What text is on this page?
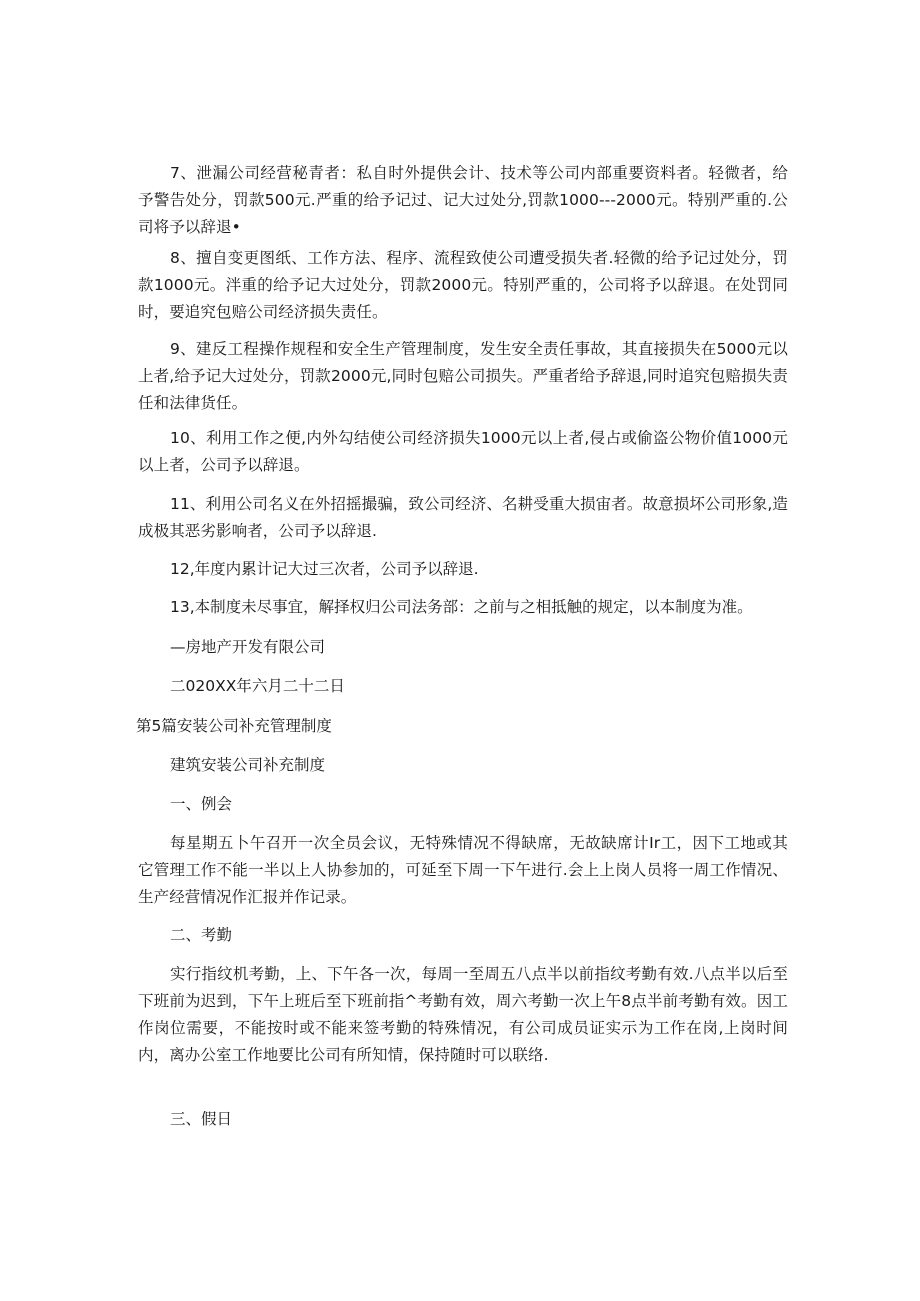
7、泄漏公司经营秘青者：私自时外提供会计、技术等公司内部重要资料者。轻微者，给予警告处分，罚款500元.严重的给予记过、记大过处分,罚款1000---2000元。特别严重的.公司将予以辞退•

8、擅自变更图纸、工作方法、程序、流程致使公司遭受损失者.轻微的给予记过处分，罚款1000元。泮重的给予记大过处分，罚款2000元。特别严重的，公司将予以辞退。在处罚同时，要追究包赔公司经济损失责任。

9、建反工程操作规程和安全生产管理制度，发生安全责任事故，其直接损失在5000元以上者,给予记大过处分，罚款2000元,同时包赔公司损失。严重者给予辞退,同时追究包赔损失责任和法律货任。

10、利用工作之便,内外勾结使公司经济损失1000元以上者,侵占或偷盗公物价值1000元以上者，公司予以辞退。

11、利用公司名义在外招摇撮骗，致公司经济、名耕受重大损宙者。故意损坏公司形象,造成极其恶劣影响者，公司予以辞退.

12,年度内累计记大过三次者，公司予以辞退.

13,本制度未尽事宜，解择权归公司法务部：之前与之相抵触的规定，以本制度为准。

—房地产开发有限公司

二020XX年六月二十二日

第5篇安装公司补充管理制度

建筑安装公司补充制度

一、例会

每星期五卜午召开一次全员会议，无特殊情况不得缺席，无故缺席计Ir工，因下工地或其它管理工作不能一半以上人协参加的，可延至下周一下午进行.会上上岗人员将一周工作情况、生产经营情况作汇报并作记录。

二、考勤

实行指纹机考勤，上、下午各一次，每周一至周五八点半以前指纹考勤有效.八点半以后至下班前为迟到，下午上班后至下班前指^考勤有效，周六考勤一次上午8点半前考勤有效。因工作岗位需要，不能按时或不能来签考勤的特殊情况，有公司成员证实示为工作在岗,上岗时间内，离办公室工作地要比公司有所知情，保持随时可以联络.

三、假日
